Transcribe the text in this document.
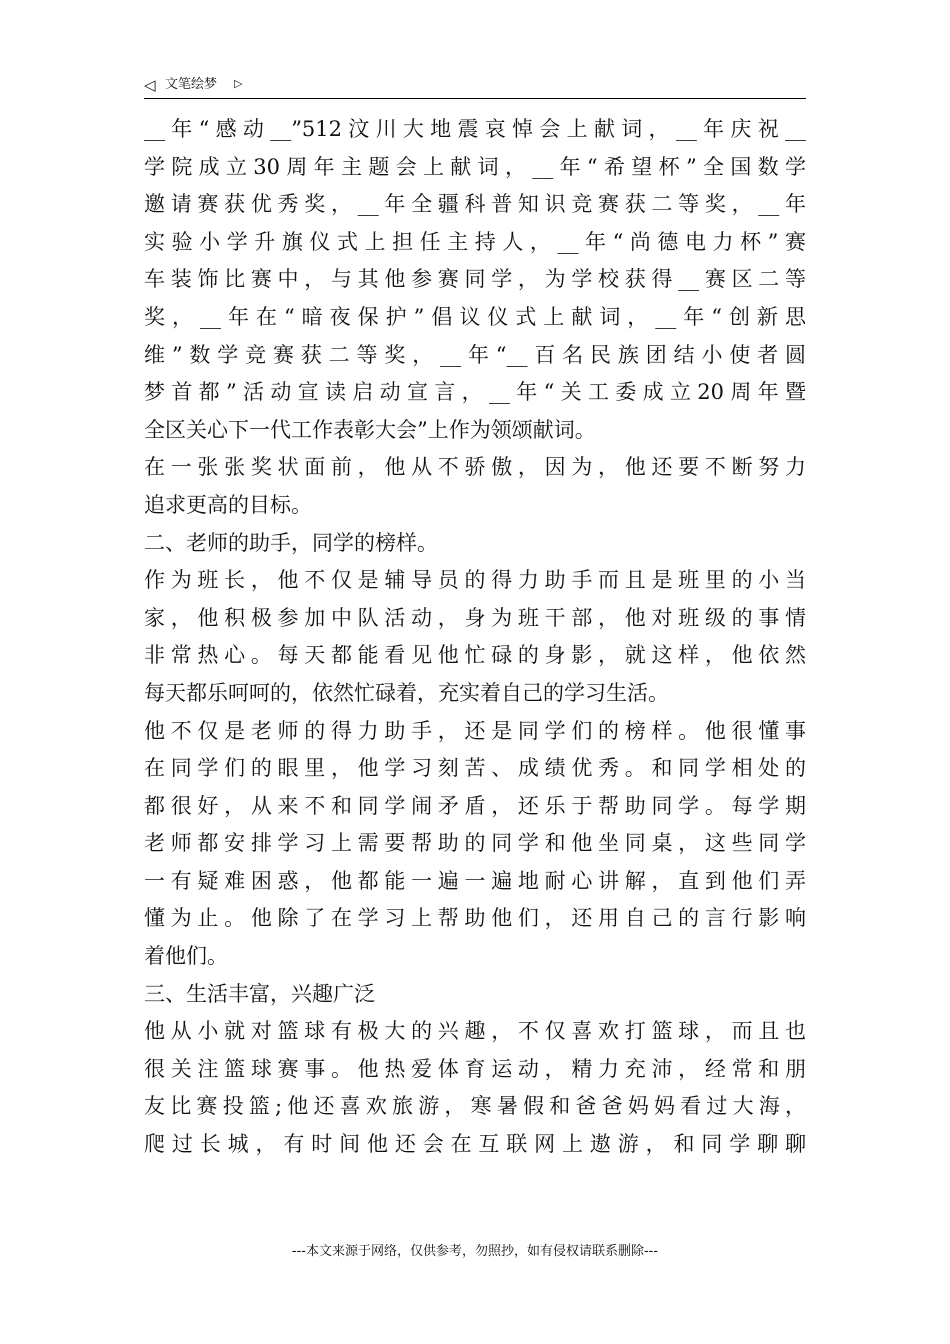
◁ 文笔绘梦 ▷
__年“感动__”512汶川大地震哀悼会上献词，__年庆祝__
学院成立30周年主题会上献词，__年“希望杯”全国数学
邀请赛获优秀奖，__年全疆科普知识竞赛获二等奖，__年
实验小学升旗仪式上担任主持人，__年“尚德电力杯”赛
车装饰比赛中，与其他参赛同学，为学校获得__赛区二等
奖，__年在“暗夜保护”倡议仪式上献词，__年“创新思
维”数学竞赛获二等奖，__年“__百名民族团结小使者圆
梦首都”活动宣读启动宣言，__年“关工委成立20周年暨
全区关心下一代工作表彰大会”上作为领颂献词。
在一张张奖状面前，他从不骄傲，因为，他还要不断努力
追求更高的目标。
二、老师的助手，同学的榜样。
作为班长，他不仅是辅导员的得力助手而且是班里的小当
家，他积极参加中队活动，身为班干部，他对班级的事情
非常热心。每天都能看见他忙碌的身影，就这样，他依然
每天都乐呵呵的，依然忙碌着，充实着自己的学习生活。
他不仅是老师的得力助手，还是同学们的榜样。他很懂事
在同学们的眼里，他学习刻苦、成绩优秀。和同学相处的
都很好，从来不和同学闹矛盾，还乐于帮助同学。每学期
老师都安排学习上需要帮助的同学和他坐同桌，这些同学
一有疑难困惑，他都能一遍一遍地耐心讲解，直到他们弄
懂为止。他除了在学习上帮助他们，还用自己的言行影响
着他们。
三、生活丰富，兴趣广泛
他从小就对篮球有极大的兴趣，不仅喜欢打篮球，而且也
很关注篮球赛事。他热爱体育运动，精力充沛，经常和朋
友比赛投篮;他还喜欢旅游，寒暑假和爸爸妈妈看过大海，
爬过长城，有时间他还会在互联网上遨游，和同学聊聊
---本文来源于网络，仅供参考，勿照抄，如有侵权请联系删除---
